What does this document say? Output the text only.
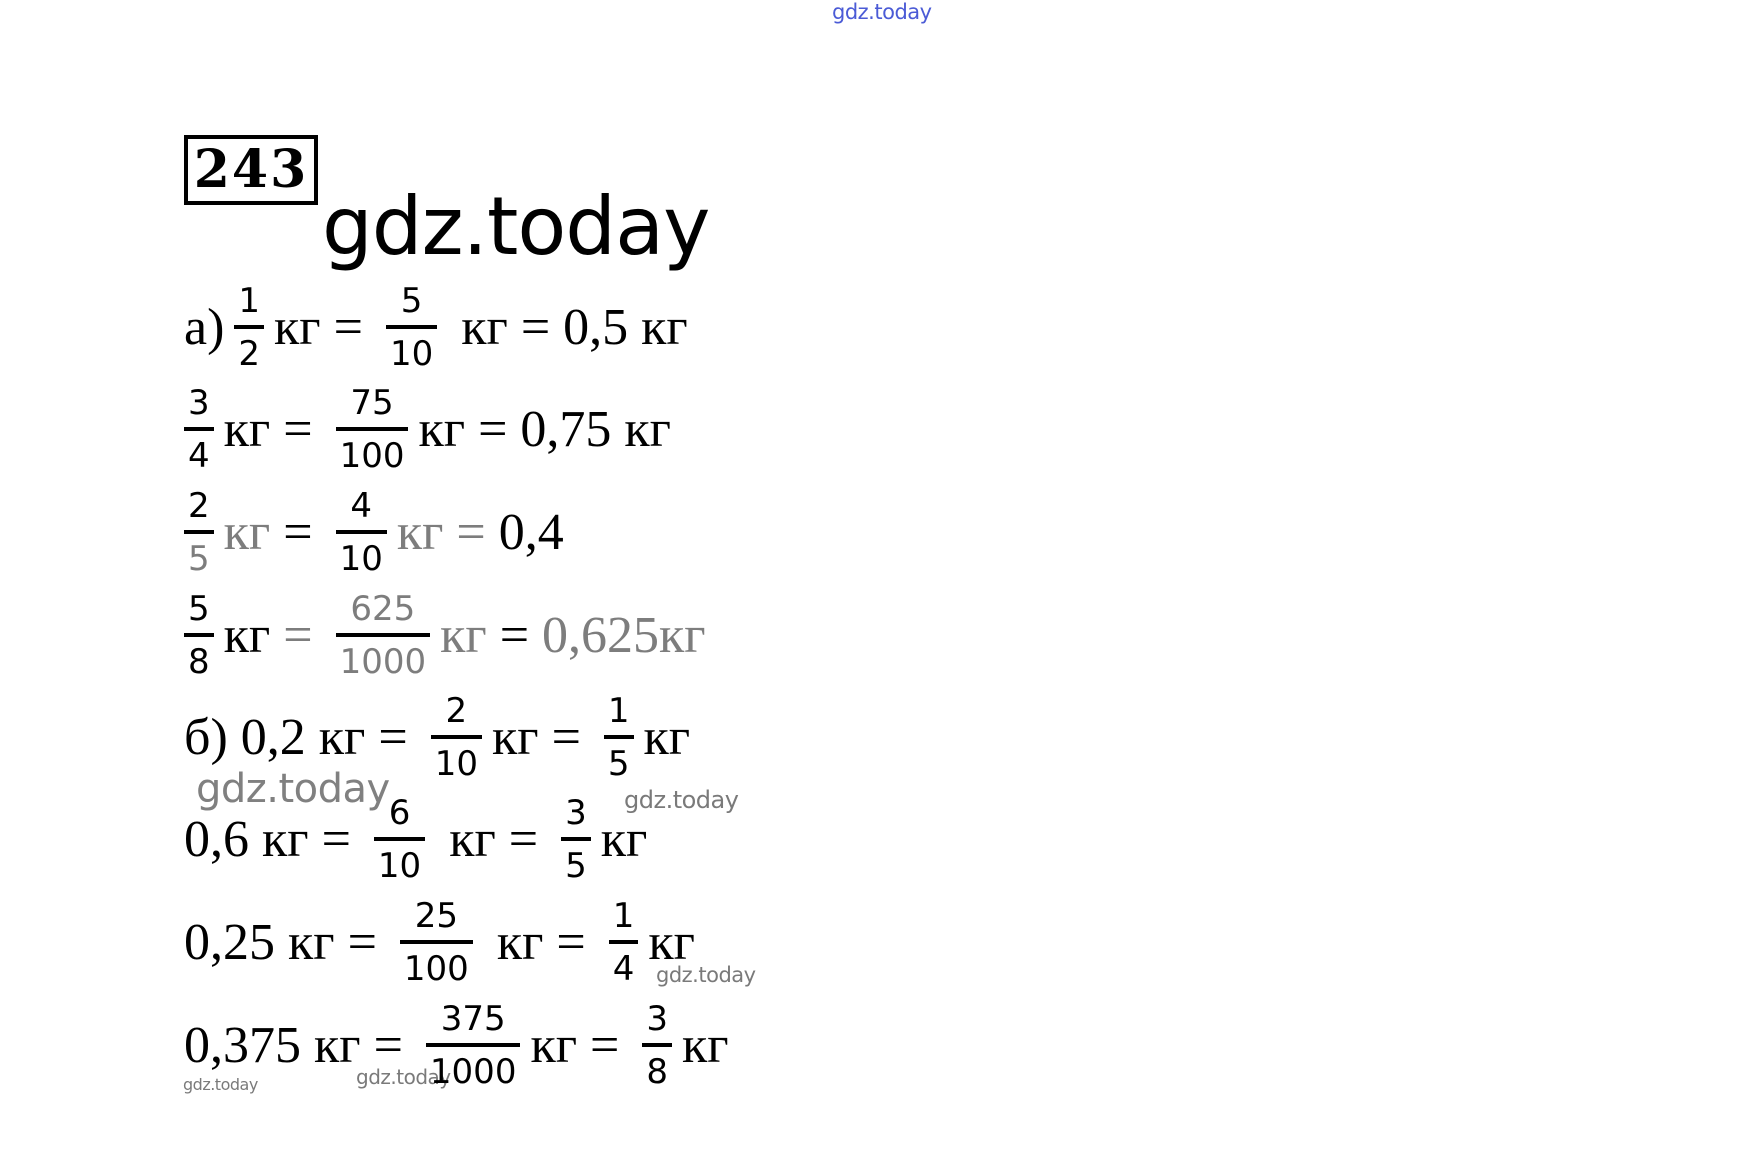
gdz.today
gdz.today
gdz.today	gdz.today
gdz.today
gdz.today	gdz.today
243
$а) \frac{1}{2}$ кг = $\frac{5}{10}$ кг = 0,5
кг
$\frac{3}{4}$ кг = $\frac{75}{100}$ кг = 0,75
кг
$\frac{2}{5}$ кг = $\frac{4}{10}$ кг = 0,4
$\frac{5}{8}$ кг = $\frac{625}{1000}$ кг = 0,625 кг
б)
0,2
кг = $\frac{2}{10}$ кг = $\frac{1}{5}$ кг
0,6
кг = $\frac{6}{10}$ кг = $\frac{3}{5}$ кг
0,25
кг = $\frac{25}{100}$ кг = $\frac{1}{4}$ кг
0,375
кг = $\frac{375}{1000}$ кг = $\frac{3}{8}$ кг
